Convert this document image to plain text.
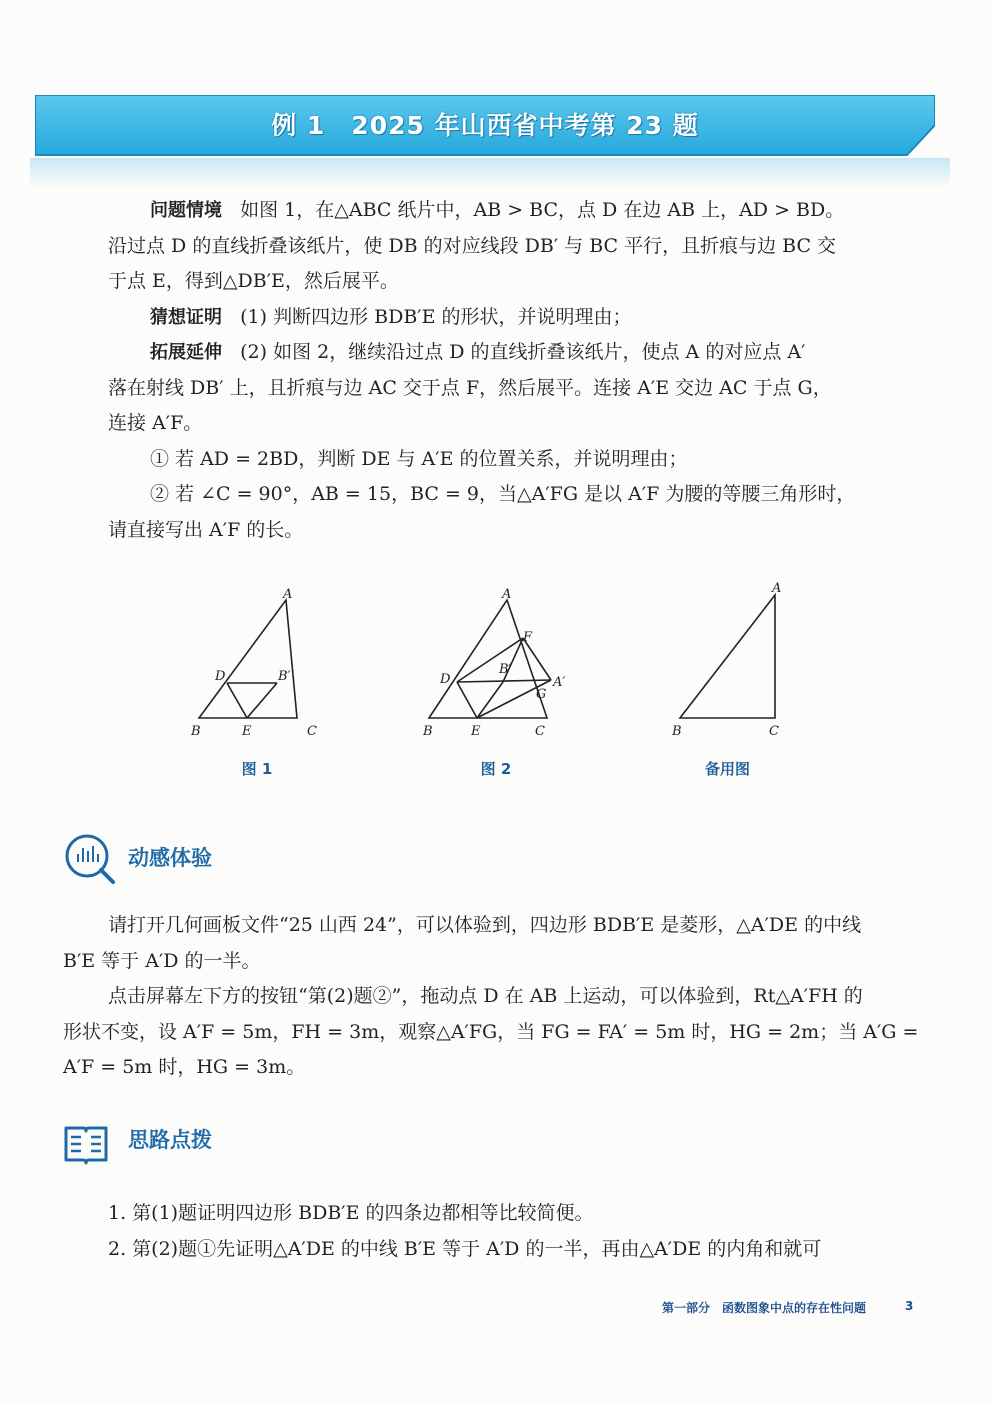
例 1　2025 年山西省中考第 23 题
问题情境 如图 1，在△ABC 纸片中，AB > BC，点 D 在边 AB 上，AD > BD。
沿过点 D 的直线折叠该纸片，使 DB 的对应线段 DB′ 与 BC 平行，且折痕与边 BC 交
于点 E，得到△DB′E，然后展平。
猜想证明 (1) 判断四边形 BDB′E 的形状，并说明理由；
拓展延伸 (2) 如图 2，继续沿过点 D 的直线折叠该纸片，使点 A 的对应点 A′
落在射线 DB′ 上，且折痕与边 AC 交于点 F，然后展平。连接 A′E 交边 AC 于点 G，
连接 A′F。
① 若 AD = 2BD，判断 DE 与 A′E 的位置关系，并说明理由；
② 若 ∠C = 90°，AB = 15，BC = 9，当△A′FG 是以 A′F 为腰的等腰三角形时，
请直接写出 A′F 的长。
A
B	C
D
E
B′
图 1
A
B	C
D
E
F
G
B′
A′
图 2
A
B	C
备用图
动感体验
请打开几何画板文件“25 山西 24”，可以体验到，四边形 BDB′E 是菱形，△A′DE 的中线
B′E 等于 A′D 的一半。
点击屏幕左下方的按钮“第(2)题②”，拖动点 D 在 AB 上运动，可以体验到，Rt△A′FH 的
形状不变，设 A′F = 5m，FH = 3m，观察△A′FG，当 FG = FA′ = 5m 时，HG = 2m；当 A′G =
A′F = 5m 时，HG = 3m。
思路点拨
1. 第(1)题证明四边形 BDB′E 的四条边都相等比较简便。
2. 第(2)题①先证明△A′DE 的中线 B′E 等于 A′D 的一半，再由△A′DE 的内角和就可
第一部分　函数图象中点的存在性问题	3
